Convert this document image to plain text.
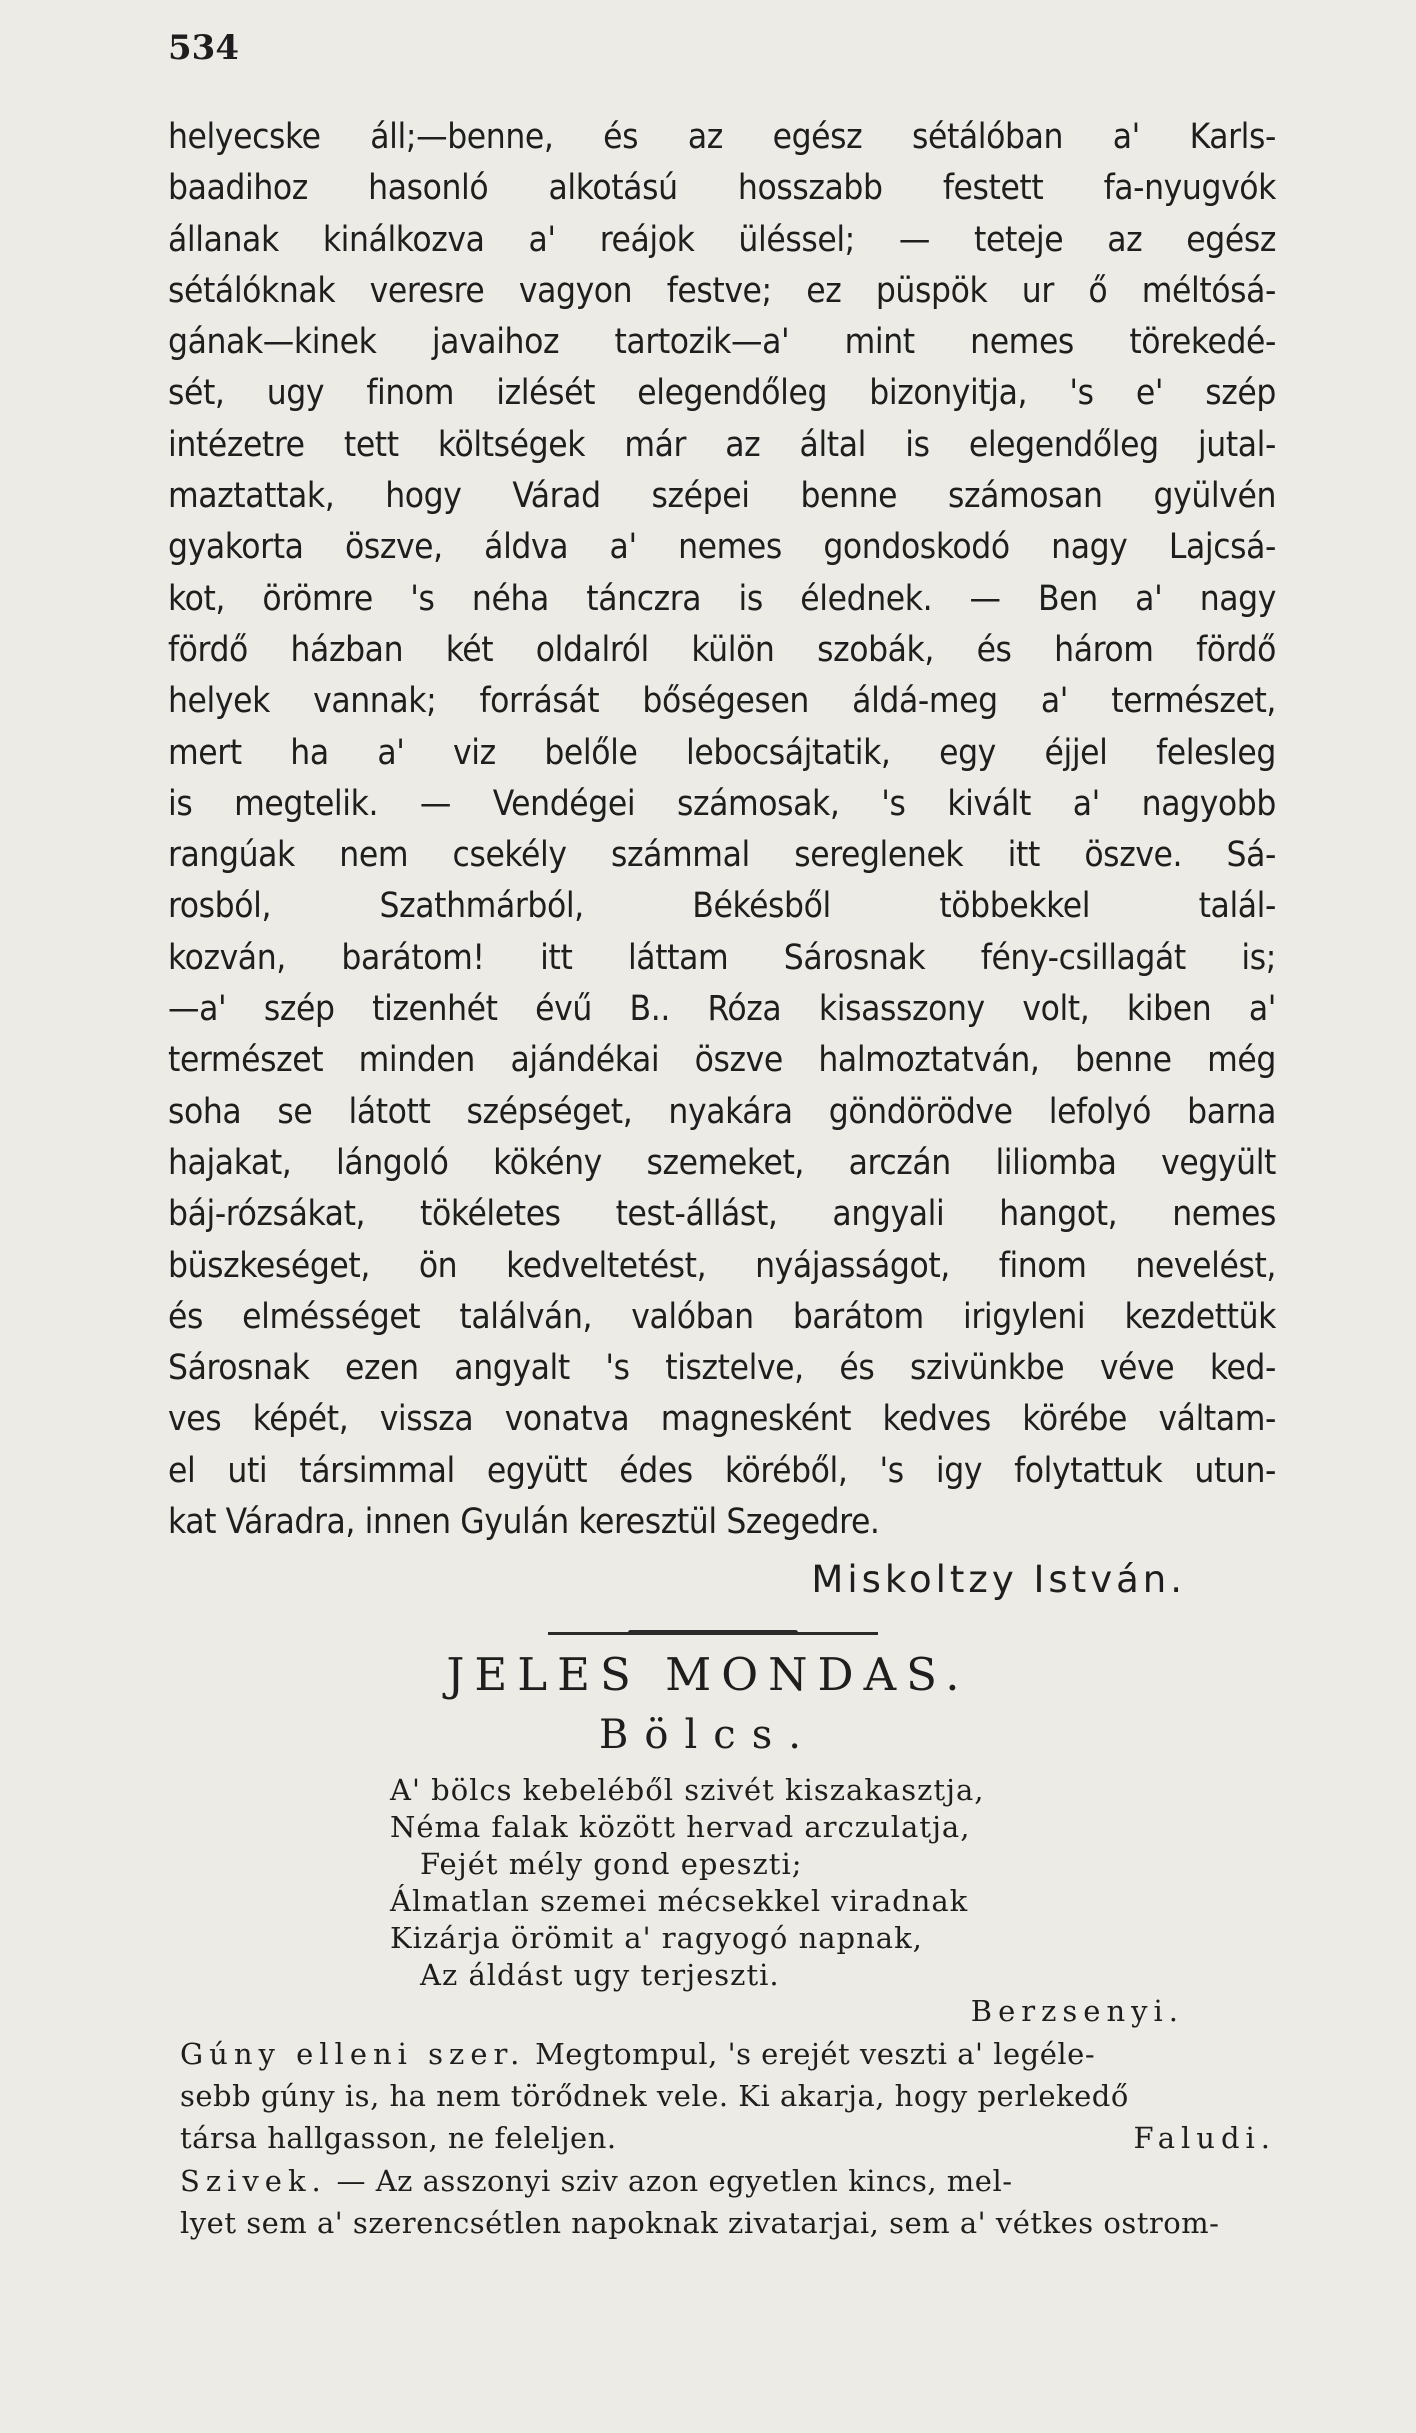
534
helyecske áll;—benne, és az egész sétálóban a' Karls-
baadihoz hasonló alkotású hosszabb festett fa-nyugvók
állanak kinálkozva a' reájok üléssel; — teteje az egész
sétálóknak veresre vagyon festve; ez püspök ur ő méltósá-
gának—kinek javaihoz tartozik—a' mint nemes törekedé-
sét, ugy finom izlését elegendőleg bizonyitja, 's e' szép
intézetre tett költségek már az által is elegendőleg jutal-
maztattak, hogy Várad szépei benne számosan gyülvén
gyakorta öszve, áldva a' nemes gondoskodó nagy Lajcsá-
kot, örömre 's néha tánczra is élednek. — Ben a' nagy
fördő házban két oldalról külön szobák, és három fördő
helyek vannak; forrását bőségesen áldá-meg a' természet,
mert ha a' viz belőle lebocsájtatik, egy éjjel felesleg
is megtelik. — Vendégei számosak, 's kivált a' nagyobb
rangúak nem csekély számmal sereglenek itt öszve. Sá-
rosból, Szathmárból, Békésből többekkel talál-
kozván, barátom! itt láttam Sárosnak fény-csillagát is;
—a' szép tizenhét évű B.. Róza kisasszony volt, kiben a'
természet minden ajándékai öszve halmoztatván, benne még
soha se látott szépséget, nyakára göndörödve lefolyó barna
hajakat, lángoló kökény szemeket, arczán liliomba vegyült
báj-rózsákat, tökéletes test-állást, angyali hangot, nemes
büszkeséget, ön kedveltetést, nyájasságot, finom nevelést,
és elmésséget találván, valóban barátom irigyleni kezdettük
Sárosnak ezen angyalt 's tisztelve, és szivünkbe véve ked-
ves képét, vissza vonatva magnesként kedves körébe váltam-
el uti társimmal együtt édes köréből, 's igy folytattuk utun-
kat Váradra, innen Gyulán keresztül Szegedre.
Miskoltzy István.
JELES MONDAS.
Bölcs.
A' bölcs kebeléből szivét kiszakasztja,
Néma falak között hervad arczulatja,
Fejét mély gond epeszti;
Álmatlan szemei mécsekkel viradnak
Kizárja örömit a' ragyogó napnak,
Az áldást ugy terjeszti.
Berzsenyi.
Gúny elleni szer. Megtompul, 's erejét veszti a' legéle-
sebb gúny is, ha nem törődnek vele. Ki akarja, hogy perlekedő
társa hallgasson, ne feleljen.	Faludi.
Szivek. — Az asszonyi sziv azon egyetlen kincs, mel-
lyet sem a' szerencsétlen napoknak zivatarjai, sem a' vétkes ostrom-
